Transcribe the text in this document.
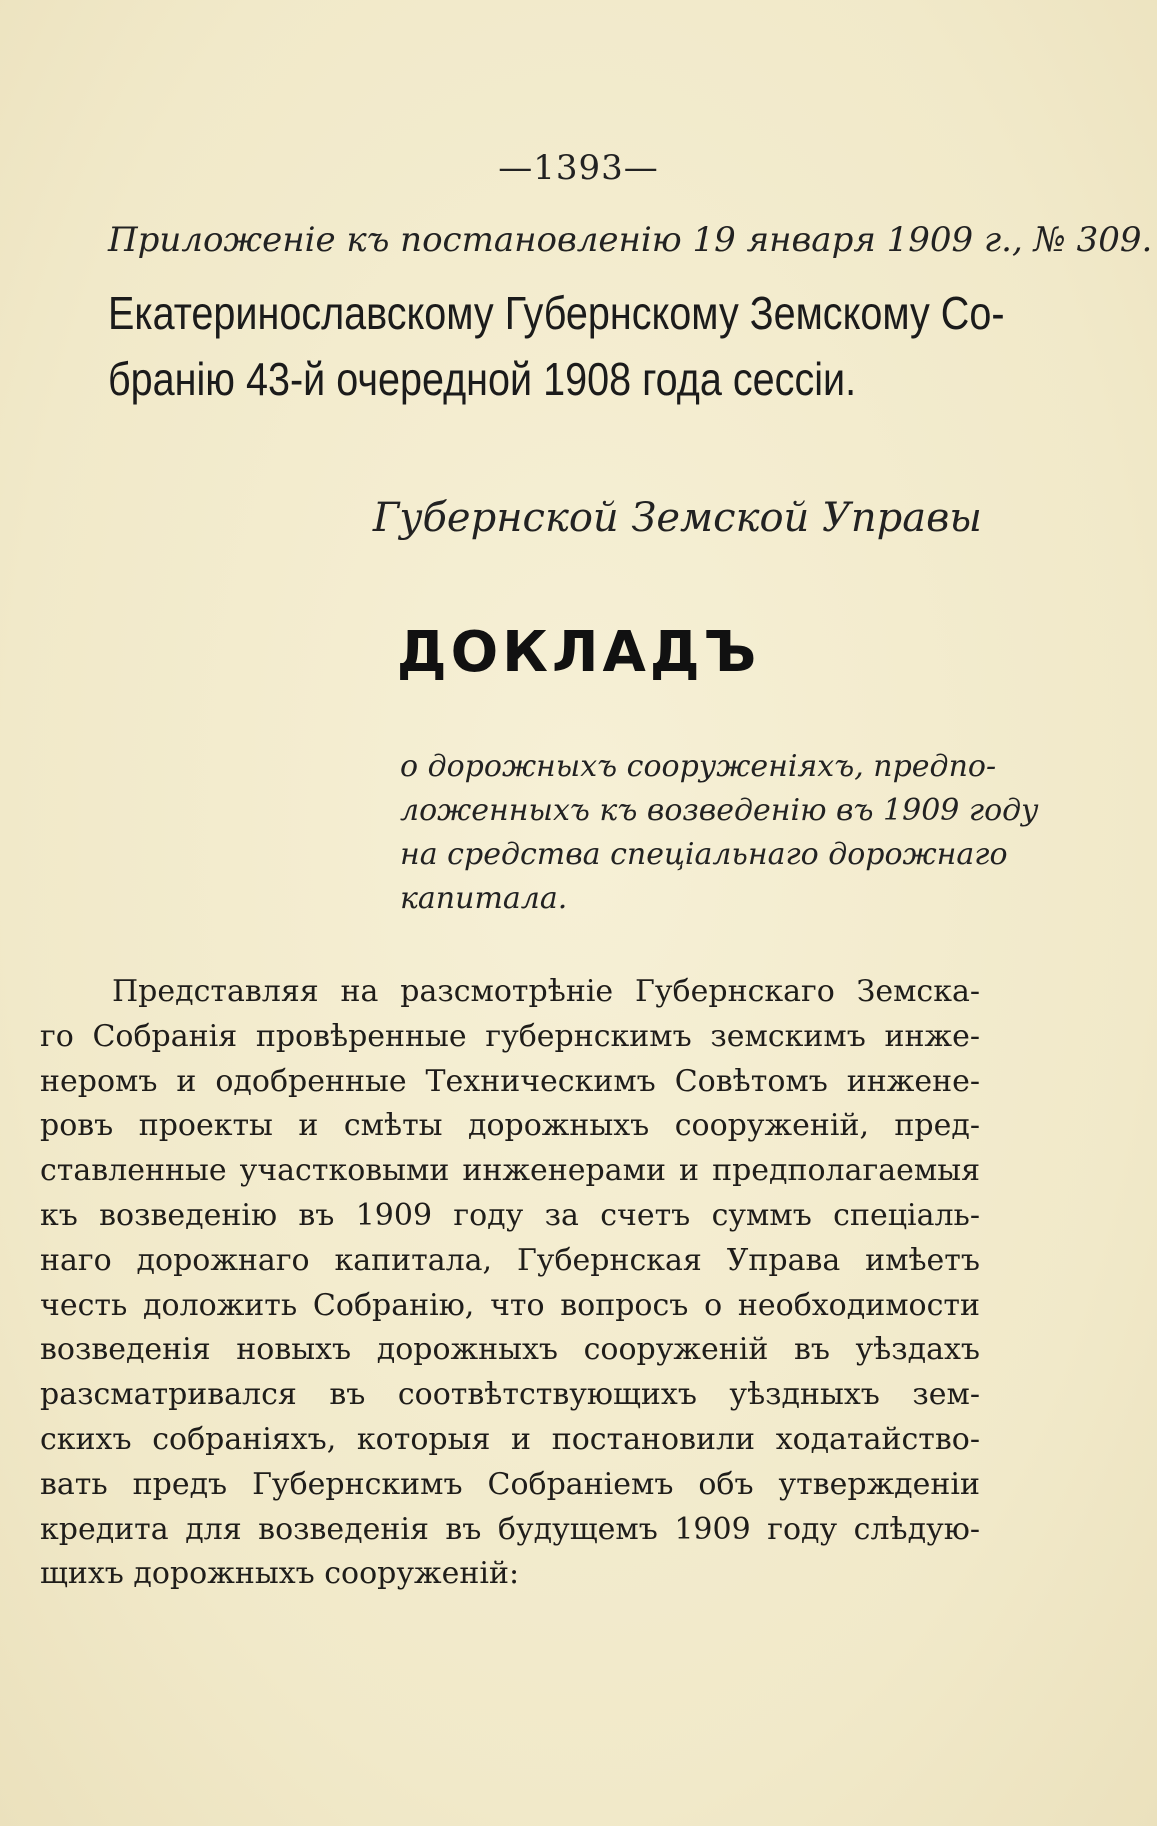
—1393—
Приложеніе къ постановленію 19 января 1909 г., № 309.
Екатеринославскому Губернскому Земскому Со-
бранію 43-й очередной 1908 года сессіи.
Губернской Земской Управы
ДОКЛАДЪ
о дорожныхъ сооруженіяхъ, предпо-
ложенныхъ къ возведенію въ 1909 году
на средства спеціальнаго дорожнаго
капитала.
Представляя на разсмотрѣніе Губернскаго Земска-
го Собранія провѣренные губернскимъ земскимъ инже-
неромъ и одобренные Техническимъ Совѣтомъ инжене-
ровъ проекты и смѣты дорожныхъ сооруженій, пред-
ставленные участковыми инженерами и предполагаемыя
къ возведенію въ 1909 году за счетъ суммъ спеціаль-
наго дорожнаго капитала, Губернская Управа имѣетъ
честь доложить Собранію, что вопросъ о необходимости
возведенія новыхъ дорожныхъ сооруженій въ уѣздахъ
разсматривался въ соотвѣтствующихъ уѣздныхъ зем-
скихъ собраніяхъ, которыя и постановили ходатайство-
вать предъ Губернскимъ Собраніемъ объ утвержденіи
кредита для возведенія въ будущемъ 1909 году слѣдую-
щихъ дорожныхъ сооруженій:
